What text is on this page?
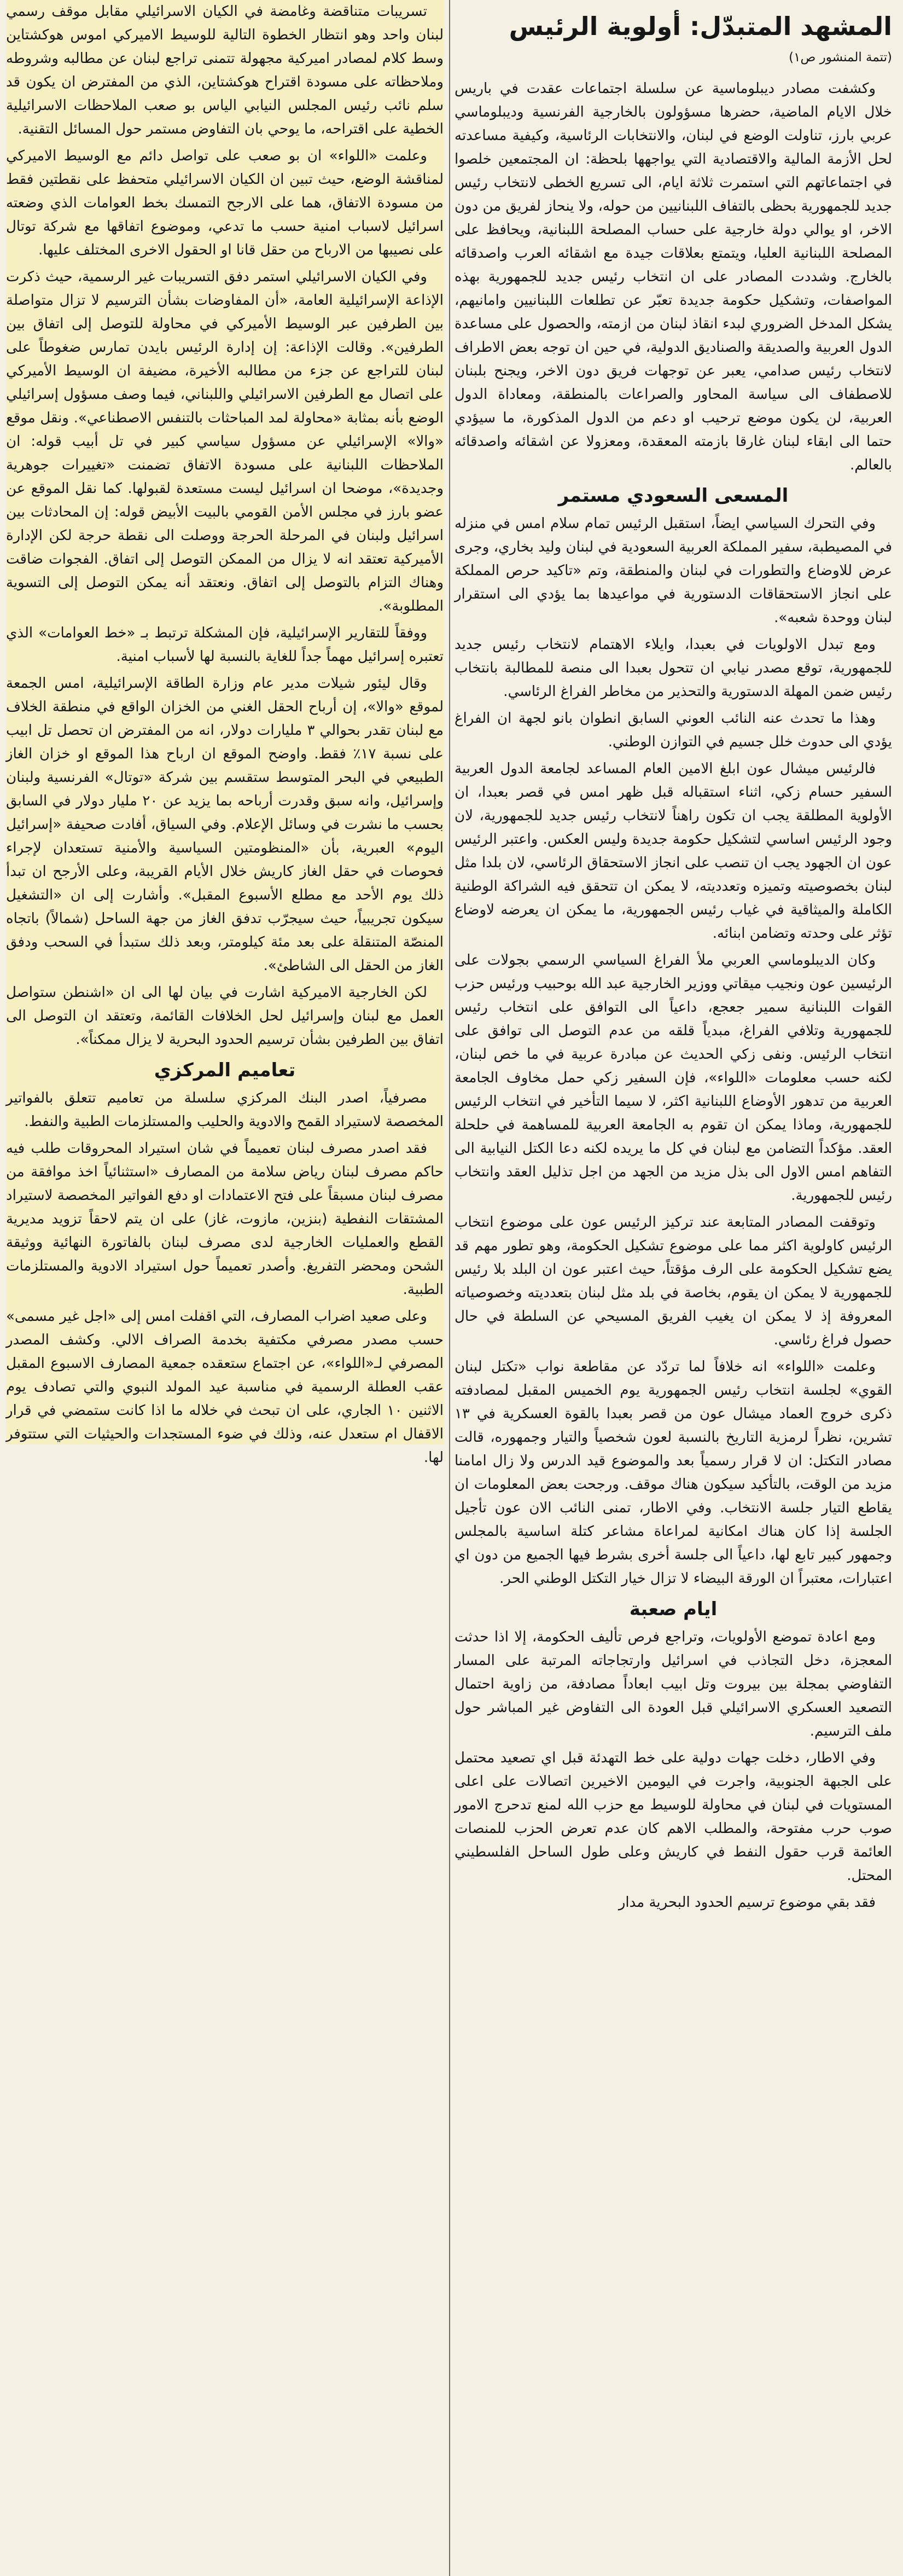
المشهد المتبدّل: أولوية الرئيس
(تتمة المنشور ص١)

وكشفت مصادر ديبلوماسية عن سلسلة اجتماعات عقدت في باريس خلال الايام الماضية، حضرها مسؤولون بالخارجية الفرنسية وديبلوماسي عربي بارز، تناولت الوضع في لبنان، والانتخابات الرئاسية، وكيفية مساعدته لحل الأزمة المالية والاقتصادية التي يواجهها بلحظة: ان المجتمعين خلصوا في اجتماعاتهم التي استمرت ثلاثة ايام، الى تسريع الخطى لانتخاب رئيس جديد للجمهورية بحظى بالتفاف اللبنانيين من حوله، ولا ينحاز لفريق من دون الاخر، او يوالي دولة خارجية على حساب المصلحة اللبنانية، ويحافظ على المصلحة اللبنانية العليا، ويتمتع بعلاقات جيدة مع اشقائه العرب واصدقائه بالخارج. وشددت المصادر على ان انتخاب رئيس جديد للجمهورية بهذه المواصفات، وتشكيل حكومة جديدة تعبّر عن تطلعات اللبنانيين وامانيهم، يشكل المدخل الضروري لبدء انقاذ لبنان من ازمته، والحصول على مساعدة الدول العربية والصديقة والصناديق الدولية، في حين ان توجه بعض الاطراف لانتخاب رئيس صدامي، يعبر عن توجهات فريق دون الاخر، ويجنح بلبنان للاصطفاف الى سياسة المحاور والصراعات بالمنطقة، ومعاداة الدول العربية، لن يكون موضع ترحيب او دعم من الدول المذكورة، ما سيؤدي حتما الى ابقاء لبنان غارقا بازمته المعقدة، ومعزولا عن اشقائه واصدقائه بالعالم.

المسعى السعودي مستمر

وفي التحرك السياسي ايضاً، استقبل الرئيس تمام سلام امس في منزله في المصيطبة، سفير المملكة العربية السعودية في لبنان وليد بخاري، وجرى عرض للاوضاع والتطورات في لبنان والمنطقة، وتم «تاكيد حرص المملكة على انجاز الاستحقاقات الدستورية في مواعيدها بما يؤدي الى استقرار لبنان ووحدة شعبه».

ومع تبدل الاولويات في بعبدا، وايلاء الاهتمام لانتخاب رئيس جديد للجمهورية، توقع مصدر نيابي ان تتحول بعبدا الى منصة للمطالبة بانتخاب رئيس ضمن المهلة الدستورية والتحذير من مخاطر الفراغ الرئاسي.

وهذا ما تحدث عنه النائب العوني السابق انطوان بانو لجهة ان الفراغ يؤدي الى حدوث خلل جسيم في التوازن الوطني.

فالرئيس ميشال عون ابلغ الامين العام المساعد لجامعة الدول العربية السفير حسام زكي، اثناء استقباله قبل ظهر امس في قصر بعبدا، ان الأولوية المطلقة يجب ان تكون راهناً لانتخاب رئيس جديد للجمهورية، لان وجود الرئيس اساسي لتشكيل حكومة جديدة وليس العكس. واعتبر الرئيس عون ان الجهود يجب ان تنصب على انجاز الاستحقاق الرئاسي، لان بلدا مثل لبنان بخصوصيته وتميزه وتعدديته، لا يمكن ان تتحقق فيه الشراكة الوطنية الكاملة والميثاقية في غياب رئيس الجمهورية، ما يمكن ان يعرضه لاوضاع تؤثر على وحدته وتضامن ابنائه.

وكان الديبلوماسي العربي ملأ الفراغ السياسي الرسمي بجولات على الرئيسين عون ونجيب ميقاتي ووزير الخارجية عبد الله بوحبيب ورئيس حزب القوات اللبنانية سمير جعجع، داعياً الى التوافق على انتخاب رئيس للجمهورية وتلافي الفراغ، مبدياً قلقه من عدم التوصل الى توافق على انتخاب الرئيس. ونفى زكي الحديث عن مبادرة عربية في ما خص لبنان، لكنه حسب معلومات «اللواء»، فإن السفير زكي حمل مخاوف الجامعة العربية من تدهور الأوضاع اللبنانية اكثر، لا سيما التأخير في انتخاب الرئيس للجمهورية، وماذا يمكن ان تقوم به الجامعة العربية للمساهمة في حلحلة العقد. مؤكداً التضامن مع لبنان في كل ما يريده لكنه دعا الكتل النيابية الى التفاهم امس الاول الى بذل مزيد من الجهد من اجل تذليل العقد وانتخاب رئيس للجمهورية.

وتوقفت المصادر المتابعة عند تركيز الرئيس عون على موضوع انتخاب الرئيس كاولوية اكثر مما على موضوع تشكيل الحكومة، وهو تطور مهم قد يضع تشكيل الحكومة على الرف مؤقتاً، حيث اعتبر عون ان البلد بلا رئيس للجمهورية لا يمكن ان يقوم، بخاصة في بلد مثل لبنان بتعدديته وخصوصياته المعروفة إذ لا يمكن ان يغيب الفريق المسيحي عن السلطة في حال حصول فراغ رئاسي.

وعلمت «اللواء» انه خلافاً لما تردّد عن مقاطعة نواب «تكتل لبنان القوي» لجلسة انتخاب رئيس الجمهورية يوم الخميس المقبل لمصادفته ذكرى خروج العماد ميشال عون من قصر بعبدا بالقوة العسكرية في ١٣ تشرين، نظراً لرمزية التاريخ بالنسبة لعون شخصياً والتيار وجمهوره، قالت مصادر التكتل: ان لا قرار رسمياً بعد والموضوع قيد الدرس ولا زال امامنا مزيد من الوقت، بالتأكيد سيكون هناك موقف. ورجحت بعض المعلومات ان يقاطع التيار جلسة الانتخاب. وفي الاطار، تمنى النائب الان عون تأجيل الجلسة إذا كان هناك امكانية لمراعاة مشاعر كتلة اساسية بالمجلس وجمهور كبير تابع لها، داعياً الى جلسة أخرى بشرط فيها الجميع من دون اي اعتبارات، معتبراً ان الورقة البيضاء لا تزال خيار التكتل الوطني الحر.

ايام صعبة

ومع اعادة تموضع الأولويات، وتراجع فرص تأليف الحكومة، إلا اذا حدثت المعجزة، دخل التجاذب في اسرائيل وارتجاجاته المرتبة على المسار التفاوضي بمجلة بين بيروت وتل ابيب ابعاداً مصادفة، من زاوية احتمال التصعيد العسكري الاسرائيلي قبل العودة الى التفاوض غير المباشر حول ملف الترسيم.

وفي الاطار، دخلت جهات دولية على خط التهدئة قبل اي تصعيد محتمل على الجبهة الجنوبية، واجرت في اليومين الاخيرين اتصالات على اعلى المستويات في لبنان في محاولة للوسيط مع حزب الله لمنع تدحرج الامور صوب حرب مفتوحة، والمطلب الاهم كان عدم تعرض الحزب للمنصات العائمة قرب حقول النفط في كاريش وعلى طول الساحل الفلسطيني المحتل.

فقد بقي موضوع ترسيم الحدود البحرية مدار

تسريبات متناقضة وغامضة في الكيان الاسرائيلي مقابل موقف رسمي لبنان واحد وهو انتظار الخطوة التالية للوسيط الاميركي اموس هوكشتاين وسط كلام لمصادر اميركية مجهولة تتمنى تراجع لبنان عن مطالبه وشروطه وملاحظاته على مسودة اقتراح هوكشتاين، الذي من المفترض ان يكون قد سلم نائب رئيس المجلس النيابي الياس بو صعب الملاحظات الاسرائيلية الخطية على اقتراحه، ما يوحي بان التفاوض مستمر حول المسائل التقنية.

وعلمت «اللواء» ان بو صعب على تواصل دائم مع الوسيط الاميركي لمناقشة الوضع، حيث تبين ان الكيان الاسرائيلي متحفظ على نقطتين فقط من مسودة الاتفاق، هما على الارجح التمسك بخط العوامات الذي وضعته اسرائيل لاسباب امنية حسب ما تدعي، وموضوع اتفاقها مع شركة توتال على نصيبها من الارباح من حقل قانا او الحقول الاخرى المختلف عليها.

وفي الكيان الاسرائيلي استمر دفق التسريبات غير الرسمية، حيث ذكرت الإذاعة الإسرائيلية العامة، «أن المفاوضات بشأن الترسيم لا تزال متواصلة بين الطرفين عبر الوسيط الأميركي في محاولة للتوصل إلى اتفاق بين الطرفين». وقالت الإذاعة: إن إدارة الرئيس بايدن تمارس ضغوطاً على لبنان للتراجع عن جزء من مطالبه الأخيرة، مضيفة ان الوسيط الأميركي على اتصال مع الطرفين الاسرائيلي واللبناني، فيما وصف مسؤول إسرائيلي الوضع بأنه بمثابة «محاولة لمد المباحثات بالتنفس الاصطناعي». ونقل موقع «والا» الإسرائيلي عن مسؤول سياسي كبير في تل أبيب قوله: ان الملاحظات اللبنانية على مسودة الاتفاق تضمنت «تغييرات جوهرية وجديدة»، موضحا ان اسرائيل ليست مستعدة لقبولها. كما نقل الموقع عن عضو بارز في مجلس الأمن القومي بالبيت الأبيض قوله: إن المحادثات بين اسرائيل ولبنان في المرحلة الحرجة ووصلت الى نقطة حرجة لكن الإدارة الأميركية تعتقد انه لا يزال من الممكن التوصل إلى اتفاق. الفجوات ضاقت وهناك التزام بالتوصل إلى اتفاق. ونعتقد أنه يمكن التوصل إلى التسوية المطلوبة».

ووفقاً للتقارير الإسرائيلية، فإن المشكلة ترتبط بـ «خط العوامات» الذي تعتبره إسرائيل مهماً جداً للغاية بالنسبة لها لأسباب امنية.

وقال ليئور شيلات مدير عام وزارة الطاقة الإسرائيلية، امس الجمعة لموقع «والا»، إن أرباح الحقل الغني من الخزان الواقع في منطقة الخلاف مع لبنان تقدر بحوالي ٣ مليارات دولار، انه من المفترض ان تحصل تل ابيب على نسبة ١٧٪ فقط. واوضح الموقع ان ارباح هذا الموقع او خزان الغاز الطبيعي في البحر المتوسط ستقسم بين شركة «توتال» الفرنسية ولبنان وإسرائيل، وانه سبق وقدرت أرباحه بما يزيد عن ٢٠ مليار دولار في السابق بحسب ما نشرت في وسائل الإعلام. وفي السياق، أفادت صحيفة «إسرائيل اليوم» العبرية، بأن «المنظومتين السياسية والأمنية تستعدان لإجراء فحوصات في حقل الغاز كاريش خلال الأيام القريبة، وعلى الأرجح ان تبدأ ذلك يوم الأحد مع مطلع الأسبوع المقبل». وأشارت إلى ان «التشغيل سيكون تجريبياً، حيث سيجرّب تدفق الغاز من جهة الساحل (شمالاً) باتجاه المنصّة المتنقلة على بعد مئة كيلومتر، وبعد ذلك ستبدأ في السحب ودفق الغاز من الحقل الى الشاطئ».

لكن الخارجية الاميركية اشارت في بيان لها الى ان «اشنطن ستواصل العمل مع لبنان وإسرائيل لحل الخلافات القائمة، وتعتقد ان التوصل الى اتفاق بين الطرفين بشأن ترسيم الحدود البحرية لا يزال ممكناً».

تعاميم المركزي

مصرفياً، اصدر البنك المركزي سلسلة من تعاميم تتعلق بالفواتير المخصصة لاستيراد القمح والادوية والحليب والمستلزمات الطبية والنفط.

فقد اصدر مصرف لبنان تعميماً في شان استيراد المحروقات طلب فيه حاكم مصرف لبنان رياض سلامة من المصارف «استثنائياً اخذ موافقة من مصرف لبنان مسبقاً على فتح الاعتمادات او دفع الفواتير المخصصة لاستيراد المشتقات النفطية (بنزين، مازوت، غاز) على ان يتم لاحقاً تزويد مديرية القطع والعمليات الخارجية لدى مصرف لبنان بالفاتورة النهائية ووثيقة الشحن ومحضر التفريغ. وأصدر تعميماً حول استيراد الادوية والمستلزمات الطبية.

وعلى صعيد اضراب المصارف، التي اقفلت امس إلى «اجل غير مسمى» حسب مصدر مصرفي مكتفية بخدمة الصراف الالي. وكشف المصدر المصرفي لـ«اللواء»، عن اجتماع ستعقده جمعية المصارف الاسبوع المقبل عقب العطلة الرسمية في مناسبة عيد المولد النبوي والتي تصادف يوم الاثنين ١٠ الجاري، على ان تبحث في خلاله ما اذا كانت ستمضي في قرار الاقفال ام ستعدل عنه، وذلك في ضوء المستجدات والحيثيات التي ستتوفر لها.
